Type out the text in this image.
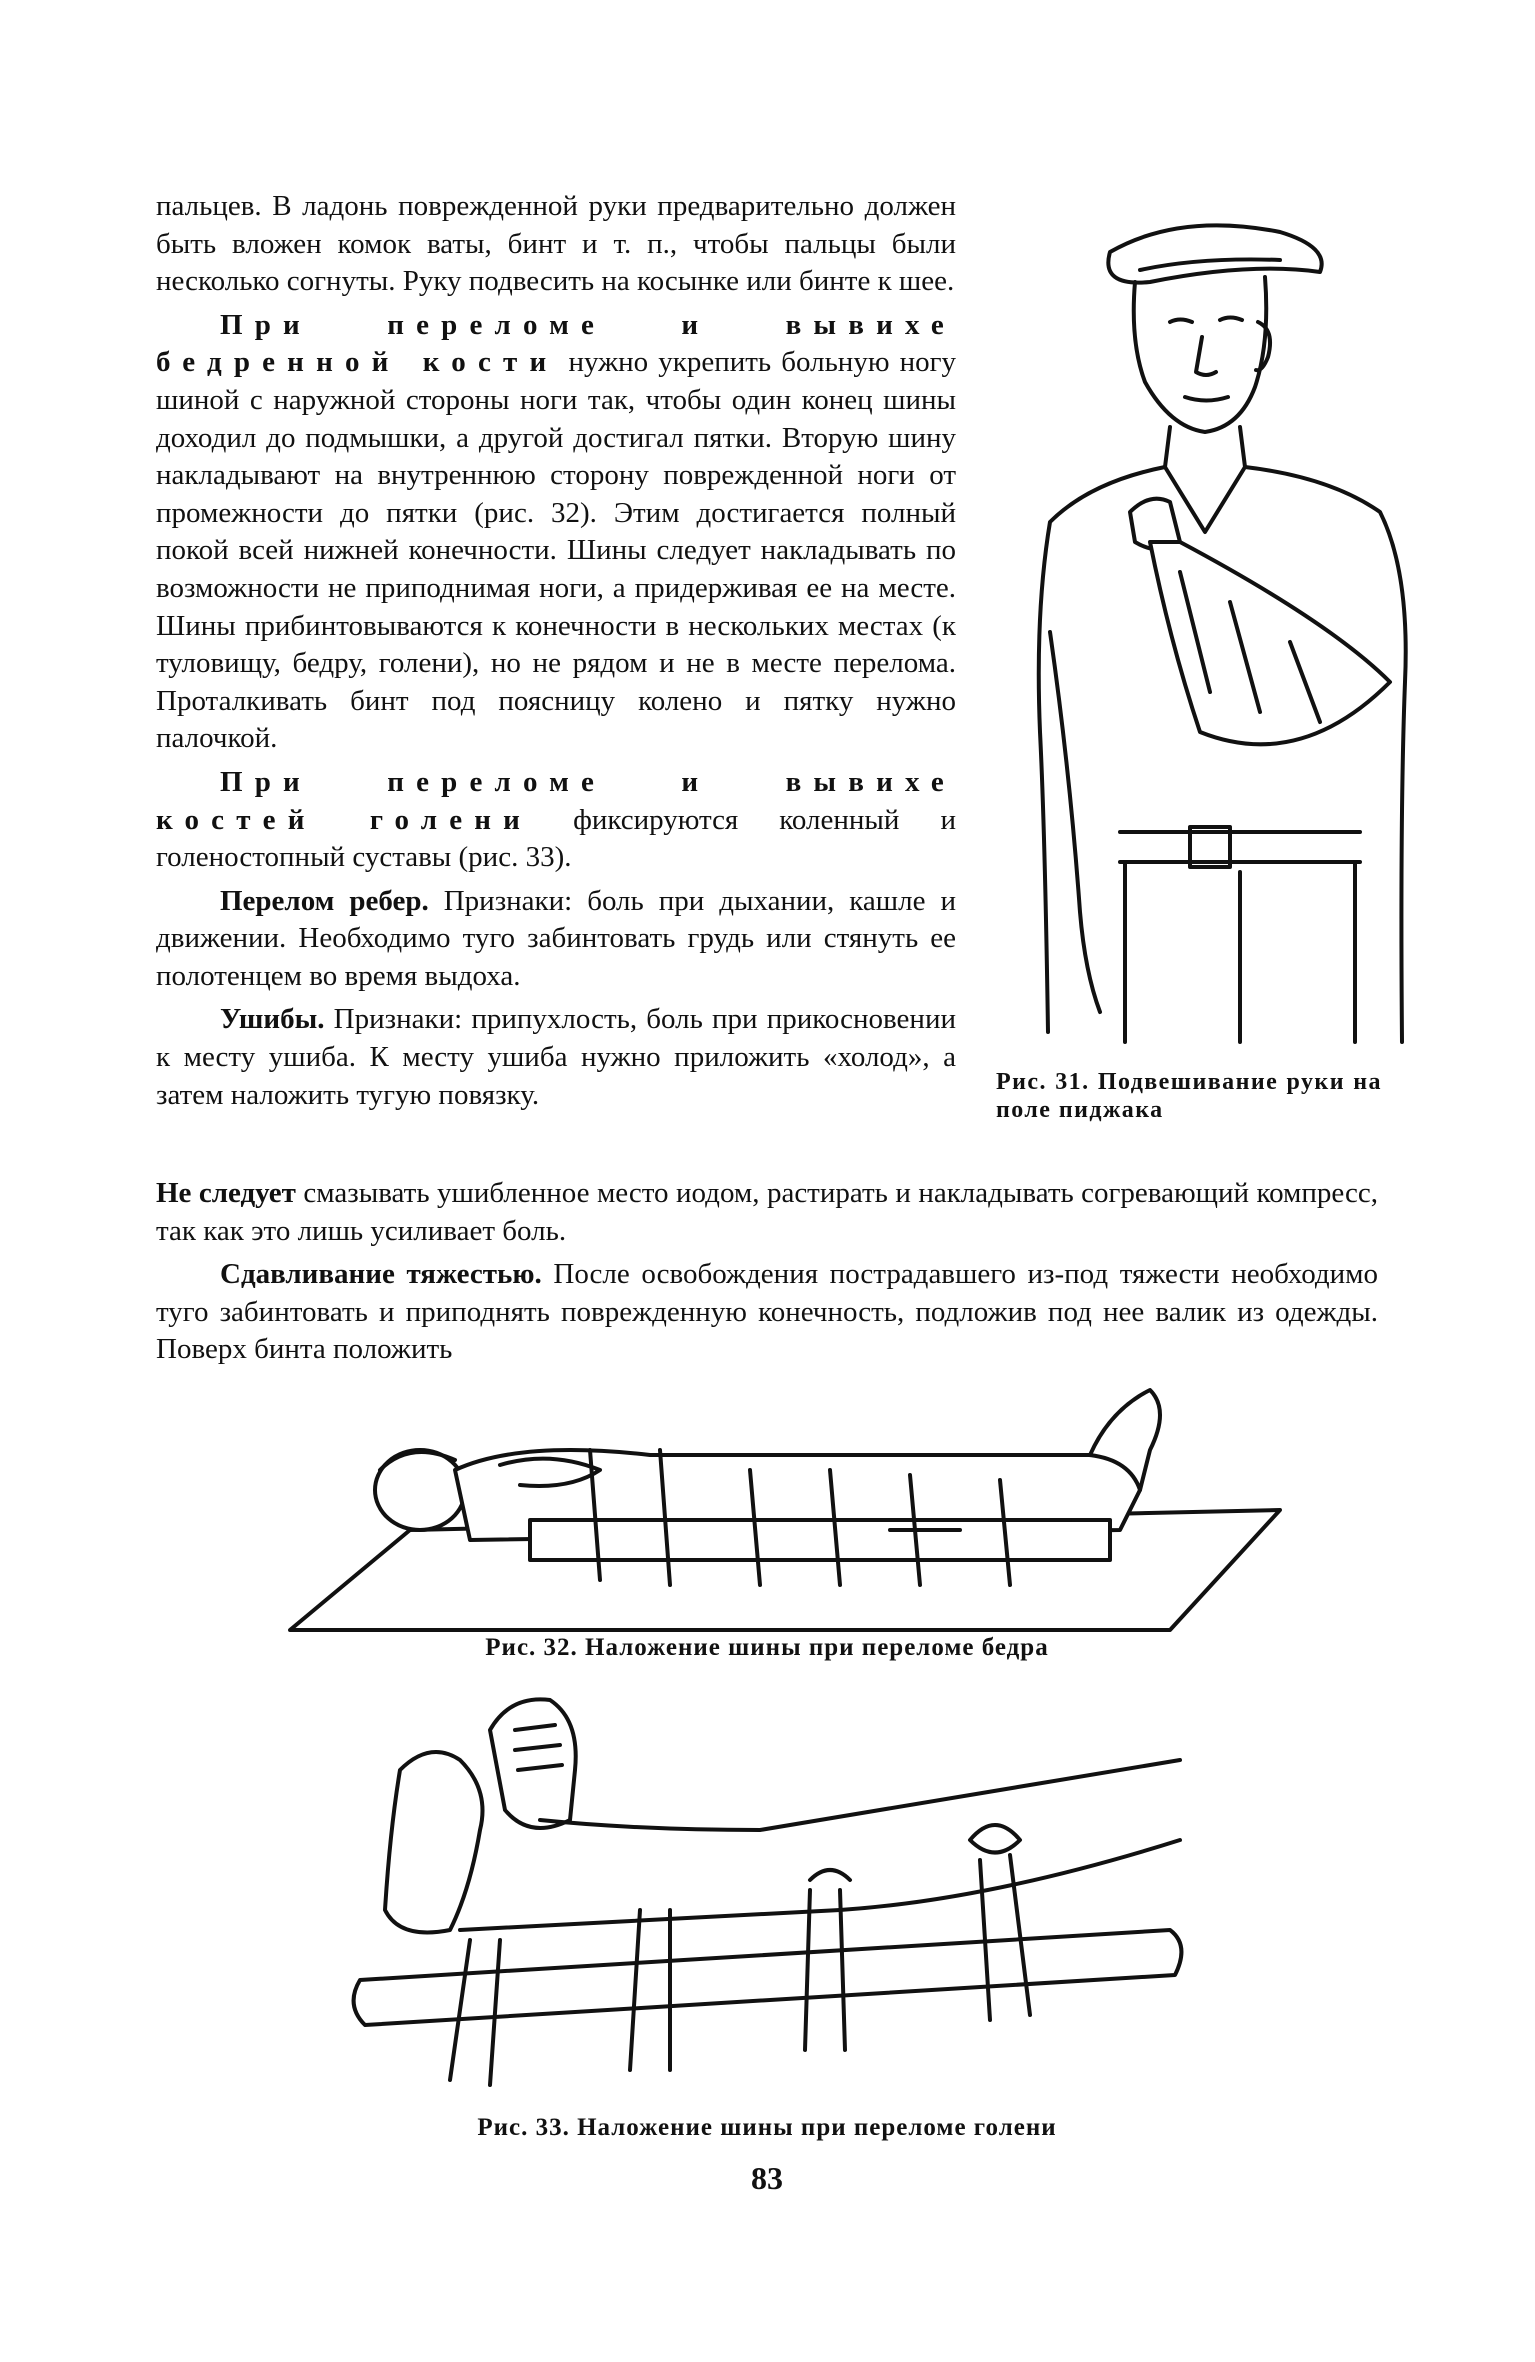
пальцев. В ладонь поврежденной руки предварительно должен быть вложен комок ваты, бинт и т. п., чтобы пальцы были несколько согнуты. Руку подвесить на косынке или бинте к шее.

При переломе и вывихе бедренной кости нужно укрепить больную ногу шиной с наружной стороны ноги так, чтобы один конец шины доходил до подмышки, а другой достигал пятки. Вторую шину накладывают на внутреннюю сторону поврежденной ноги от промежности до пятки (рис. 32). Этим достигается полный покой всей нижней конечности. Шины следует накладывать по возможности не приподнимая ноги, а придерживая ее на месте. Шины прибинтовываются к конечности в нескольких местах (к туловищу, бедру, голени), но не рядом и не в месте перелома. Проталкивать бинт под поясницу колено и пятку нужно палочкой.

При переломе и вывихе костей голени фиксируются коленный и голеностопный суставы (рис. 33).

Перелом ребер. Признаки: боль при дыхании, кашле и движении. Необходимо туго забинтовать грудь или стянуть ее полотенцем во время выдоха.

Ушибы. Признаки: припухлость, боль при прикосновении к месту ушиба. К месту ушиба нужно приложить «холод», а затем наложить тугую повязку.

Не следует смазывать ушибленное место иодом, растирать и накладывать согревающий компресс, так как это лишь усиливает боль.

Сдавливание тяжестью. После освобождения пострадавшего из-под тяжести необходимо туго забинтовать и приподнять поврежденную конечность, подложив под нее валик из одежды. Поверх бинта положить

Рис. 31. Подвешивание руки на поле пиджака
Рис. 32. Наложение шины при переломе бедра
Рис. 33. Наложение шины при переломе голени
83
